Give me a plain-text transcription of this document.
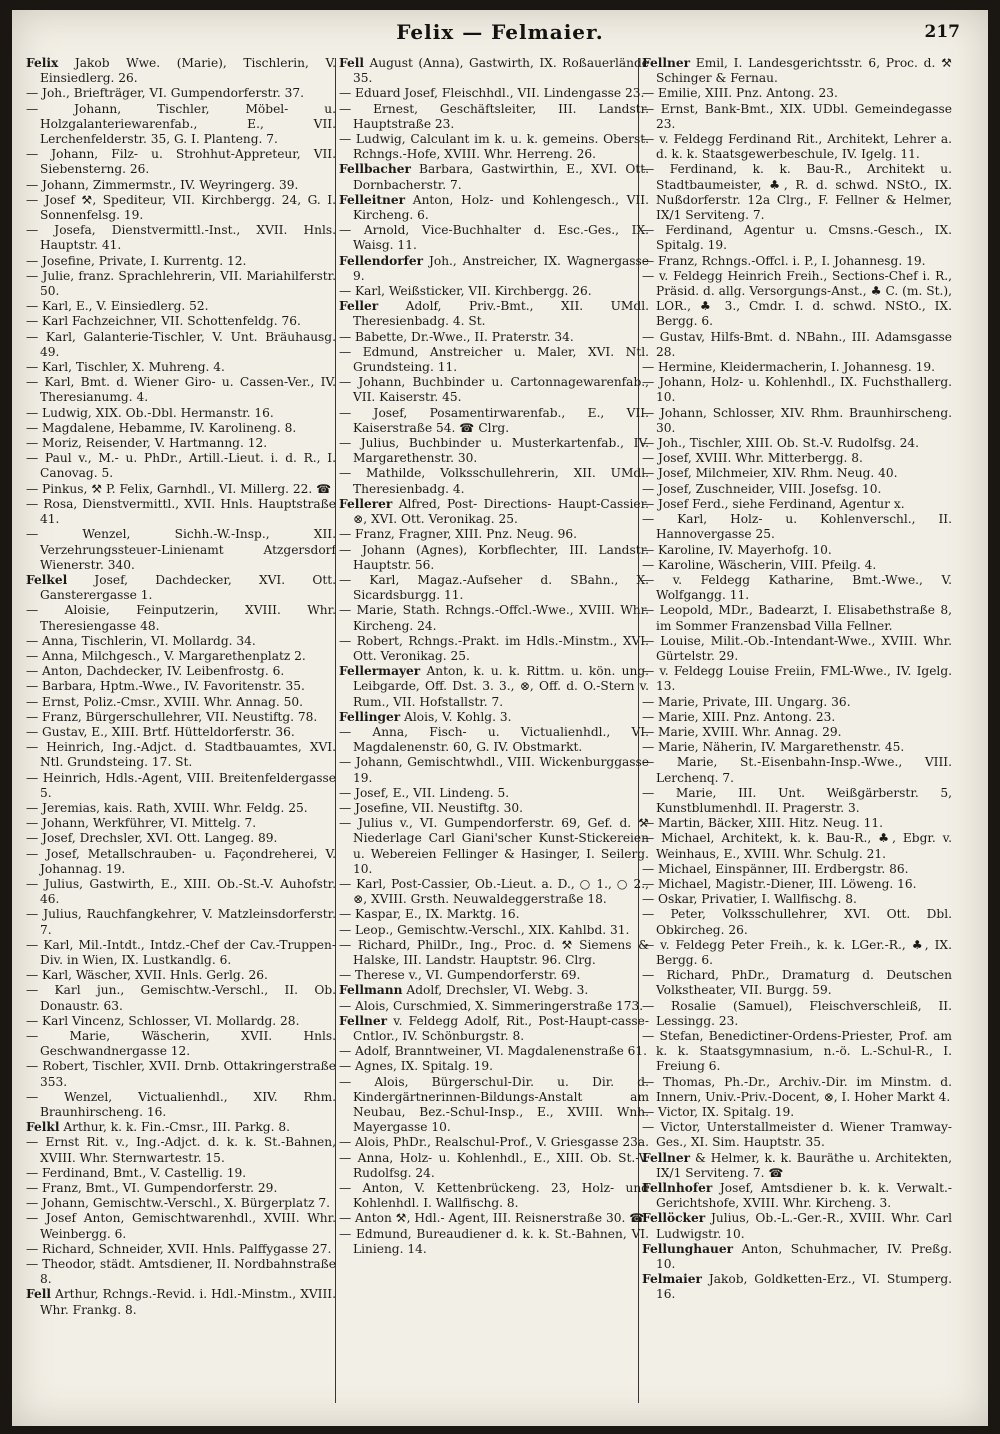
Felix — Felmaier.	217

Felix Jakob Wwe. (Marie), Tischlerin, V. Einsiedlerg. 26.

— Joh., Briefträger, VI. Gumpendorferstr. 37.

— Johann, Tischler, Möbel- u. Holzgalanteriewarenfab., E., VII. Lerchenfelderstr. 35, G. I. Planteng. 7.

— Johann, Filz- u. Strohhut-Appreteur, VII. Siebensterng. 26.

— Johann, Zimmermstr., IV. Weyringerg. 39.

— Josef ⚒, Spediteur, VII. Kirchbergg. 24, G. I. Sonnenfelsg. 19.

— Josefa, Dienstvermittl.-Inst., XVII. Hnls. Hauptstr. 41.

— Josefine, Private, I. Kurrentg. 12.

— Julie, franz. Sprachlehrerin, VII. Mariahilferstr. 50.

— Karl, E., V. Einsiedlerg. 52.

— Karl Fachzeichner, VII. Schottenfeldg. 76.

— Karl, Galanterie-Tischler, V. Unt. Bräuhausg. 49.

— Karl, Tischler, X. Muhreng. 4.

— Karl, Bmt. d. Wiener Giro- u. Cassen-Ver., IV. Theresianumg. 4.

— Ludwig, XIX. Ob.-Dbl. Hermanstr. 16.

— Magdalene, Hebamme, IV. Karolineng. 8.

— Moriz, Reisender, V. Hartmanng. 12.

— Paul v., M.- u. PhDr., Artill.-Lieut. i. d. R., I. Canovag. 5.

— Pinkus, ⚒ P. Felix, Garnhdl., VI. Millerg. 22. ☎

— Rosa, Dienstvermittl., XVII. Hnls. Hauptstraße 41.

— Wenzel, Sichh.-W.-Insp., XII. Verzehrungssteuer-Linienamt Atzgersdorf Wienerstr. 340.

Felkel Josef, Dachdecker, XVI. Ott. Gansterergasse 1.

— Aloisie, Feinputzerin, XVIII. Whr. Theresiengasse 48.

— Anna, Tischlerin, VI. Mollardg. 34.

— Anna, Milchgesch., V. Margarethenplatz 2.

— Anton, Dachdecker, IV. Leibenfrostg. 6.

— Barbara, Hptm.-Wwe., IV. Favoritenstr. 35.

— Ernst, Poliz.-Cmsr., XVIII. Whr. Annag. 50.

— Franz, Bürgerschullehrer, VII. Neustiftg. 78.

— Gustav, E., XIII. Brtf. Hütteldorferstr. 36.

— Heinrich, Ing.-Adjct. d. Stadtbauamtes, XVI. Ntl. Grundsteing. 17. St.

— Heinrich, Hdls.-Agent, VIII. Breitenfeldergasse 5.

— Jeremias, kais. Rath, XVIII. Whr. Feldg. 25.

— Johann, Werkführer, VI. Mittelg. 7.

— Josef, Drechsler, XVI. Ott. Langeg. 89.

— Josef, Metallschrauben- u. Façondreherei, V. Johannag. 19.

— Julius, Gastwirth, E., XIII. Ob.-St.-V. Auhofstr. 46.

— Julius, Rauchfangkehrer, V. Matzleinsdorferstr. 7.

— Karl, Mil.-Intdt., Intdz.-Chef der Cav.-Truppen-Div. in Wien, IX. Lustkandlg. 6.

— Karl, Wäscher, XVII. Hnls. Gerlg. 26.

— Karl jun., Gemischtw.-Verschl., II. Ob. Donaustr. 63.

— Karl Vincenz, Schlosser, VI. Mollardg. 28.

— Marie, Wäscherin, XVII. Hnls. Geschwandnergasse 12.

— Robert, Tischler, XVII. Drnb. Ottakringerstraße 353.

— Wenzel, Victualienhdl., XIV. Rhm. Braunhirscheng. 16.

Felkl Arthur, k. k. Fin.-Cmsr., III. Parkg. 8.

— Ernst Rit. v., Ing.-Adjct. d. k. k. St.-Bahnen, XVIII. Whr. Sternwartestr. 15.

— Ferdinand, Bmt., V. Castellig. 19.

— Franz, Bmt., VI. Gumpendorferstr. 29.

— Johann, Gemischtw.-Verschl., X. Bürgerplatz 7.

— Josef Anton, Gemischtwarenhdl., XVIII. Whr. Weinbergg. 6.

— Richard, Schneider, XVII. Hnls. Palffygasse 27.

— Theodor, städt. Amtsdiener, II. Nordbahnstraße 8.

Fell Arthur, Rchngs.-Revid. i. Hdl.-Minstm., XVIII. Whr. Frankg. 8.

Fell August (Anna), Gastwirth, IX. Roßauerlände 35.

— Eduard Josef, Fleischhdl., VII. Lindengasse 23.

— Ernest, Geschäftsleiter, III. Landstr. Hauptstraße 23.

— Ludwig, Calculant im k. u. k. gemeins. Oberst. Rchngs.-Hofe, XVIII. Whr. Herreng. 26.

Fellbacher Barbara, Gastwirthin, E., XVI. Ott. Dornbacherstr. 7.

Felleitner Anton, Holz- und Kohlengesch., VII. Kircheng. 6.

— Arnold, Vice-Buchhalter d. Esc.-Ges., IX. Waisg. 11.

Fellendorfer Joh., Anstreicher, IX. Wagnergasse 9.

— Karl, Weißsticker, VII. Kirchbergg. 26.

Feller Adolf, Priv.-Bmt., XII. UMdl. Theresienbadg. 4. St.

— Babette, Dr.-Wwe., II. Praterstr. 34.

— Edmund, Anstreicher u. Maler, XVI. Ntl. Grundsteing. 11.

— Johann, Buchbinder u. Cartonnagewarenfab., VII. Kaiserstr. 45.

— Josef, Posamentirwarenfab., E., VII. Kaiserstraße 54. ☎ Clrg.

— Julius, Buchbinder u. Musterkartenfab., IV. Margarethenstr. 30.

— Mathilde, Volksschullehrerin, XII. UMdl. Theresienbadg. 4.

Fellerer Alfred, Post- Directions- Haupt-Cassier. ⊗, XVI. Ott. Veronikag. 25.

— Franz, Fragner, XIII. Pnz. Neug. 96.

— Johann (Agnes), Korbflechter, III. Landstr. Hauptstr. 56.

— Karl, Magaz.-Aufseher d. SBahn., X. Sicardsburgg. 11.

— Marie, Stath. Rchngs.-Offcl.-Wwe., XVIII. Whr. Kircheng. 24.

— Robert, Rchngs.-Prakt. im Hdls.-Minstm., XVI. Ott. Veronikag. 25.

Fellermayer Anton, k. u. k. Rittm. u. kön. ung. Leibgarde, Off. Dst. 3. 3., ⊗, Off. d. O.-Stern v. Rum., VII. Hofstallstr. 7.

Fellinger Alois, V. Kohlg. 3.

— Anna, Fisch- u. Victualienhdl., VI. Magdalenenstr. 60, G. IV. Obstmarkt.

— Johann, Gemischtwhdl., VIII. Wickenburggasse 19.

— Josef, E., VII. Lindeng. 5.

— Josefine, VII. Neustiftg. 30.

— Julius v., VI. Gumpendorferstr. 69, Gef. d. ⚒ Niederlage Carl Giani'scher Kunst-Stickereien u. Webereien Fellinger & Hasinger, I. Seilerg. 10.

— Karl, Post-Cassier, Ob.-Lieut. a. D., ○ 1., ○ 2., ⊗, XVIII. Grsth. Neuwaldeggerstraße 18.

— Kaspar, E., IX. Marktg. 16.

— Leop., Gemischtw.-Verschl., XIX. Kahlbd. 31.

— Richard, PhilDr., Ing., Proc. d. ⚒ Siemens & Halske, III. Landstr. Hauptstr. 96. Clrg.

— Therese v., VI. Gumpendorferstr. 69.

Fellmann Adolf, Drechsler, VI. Webg. 3.

— Alois, Curschmied, X. Simmeringerstraße 173.

Fellner v. Feldegg Adolf, Rit., Post-Haupt-casse-Cntlor., IV. Schönburgstr. 8.

— Adolf, Branntweiner, VI. Magdalenenstraße 61.

— Agnes, IX. Spitalg. 19.

— Alois, Bürgerschul-Dir. u. Dir. d. Kindergärtnerinnen-Bildungs-Anstalt am Neubau, Bez.-Schul-Insp., E., XVIII. Wnh. Mayergasse 10.

— Alois, PhDr., Realschul-Prof., V. Griesgasse 23a.

— Anna, Holz- u. Kohlenhdl., E., XIII. Ob. St.-V. Rudolfsg. 24.

— Anton, V. Kettenbrückeng. 23, Holz- und Kohlenhdl. I. Wallfischg. 8.

— Anton ⚒, Hdl.- Agent, III. Reisnerstraße 30. ☎

— Edmund, Bureaudiener d. k. k. St.-Bahnen, VI. Linieng. 14.

Fellner Emil, I. Landesgerichtsstr. 6, Proc. d. ⚒ Schinger & Fernau.

— Emilie, XIII. Pnz. Antong. 23.

— Ernst, Bank-Bmt., XIX. UDbl. Gemeindegasse 23.

— v. Feldegg Ferdinand Rit., Architekt, Lehrer a. d. k. k. Staatsgewerbeschule, IV. Igelg. 11.

— Ferdinand, k. k. Bau-R., Architekt u. Stadtbaumeister, ♣, R. d. schwd. NStO., IX. Nußdorferstr. 12a Clrg., F. Fellner & Helmer, IX/1 Serviteng. 7.

— Ferdinand, Agentur u. Cmsns.-Gesch., IX. Spitalg. 19.

— Franz, Rchngs.-Offcl. i. P., I. Johannesg. 19.

— v. Feldegg Heinrich Freih., Sections-Chef i. R., Präsid. d. allg. Versorgungs-Anst., ♣ C. (m. St.), LOR., ♣ 3., Cmdr. I. d. schwd. NStO., IX. Bergg. 6.

— Gustav, Hilfs-Bmt. d. NBahn., III. Adamsgasse 28.

— Hermine, Kleidermacherin, I. Johannesg. 19.

— Johann, Holz- u. Kohlenhdl., IX. Fuchsthallerg. 10.

— Johann, Schlosser, XIV. Rhm. Braunhirscheng. 30.

— Joh., Tischler, XIII. Ob. St.-V. Rudolfsg. 24.

— Josef, XVIII. Whr. Mitterbergg. 8.

— Josef, Milchmeier, XIV. Rhm. Neug. 40.

— Josef, Zuschneider, VIII. Josefsg. 10.

— Josef Ferd., siehe Ferdinand, Agentur x.

— Karl, Holz- u. Kohlenverschl., II. Hannovergasse 25.

— Karoline, IV. Mayerhofg. 10.

— Karoline, Wäscherin, VIII. Pfeilg. 4.

— v. Feldegg Katharine, Bmt.-Wwe., V. Wolfgangg. 11.

— Leopold, MDr., Badearzt, I. Elisabethstraße 8, im Sommer Franzensbad Villa Fellner.

— Louise, Milit.-Ob.-Intendant-Wwe., XVIII. Whr. Gürtelstr. 29.

— v. Feldegg Louise Freiin, FML-Wwe., IV. Igelg. 13.

— Marie, Private, III. Ungarg. 36.

— Marie, XIII. Pnz. Antong. 23.

— Marie, XVIII. Whr. Annag. 29.

— Marie, Näherin, IV. Margarethenstr. 45.

— Marie, St.-Eisenbahn-Insp.-Wwe., VIII. Lerchenq. 7.

— Marie, III. Unt. Weißgärberstr. 5, Kunstblumenhdl. II. Pragerstr. 3.

— Martin, Bäcker, XIII. Hitz. Neug. 11.

— Michael, Architekt, k. k. Bau-R., ♣, Ebgr. v. Weinhaus, E., XVIII. Whr. Schulg. 21.

— Michael, Einspänner, III. Erdbergstr. 86.

— Michael, Magistr.-Diener, III. Löweng. 16.

— Oskar, Privatier, I. Wallfischg. 8.

— Peter, Volksschullehrer, XVI. Ott. Dbl. Obkircheg. 26.

— v. Feldegg Peter Freih., k. k. LGer.-R., ♣, IX. Bergg. 6.

— Richard, PhDr., Dramaturg d. Deutschen Volkstheater, VII. Burgg. 59.

— Rosalie (Samuel), Fleischverschleiß, II. Lessingg. 23.

— Stefan, Benedictiner-Ordens-Priester, Prof. am k. k. Staatsgymnasium, n.-ö. L.-Schul-R., I. Freiung 6.

— Thomas, Ph.-Dr., Archiv.-Dir. im Minstm. d. Innern, Univ.-Priv.-Docent, ⊗, I. Hoher Markt 4.

— Victor, IX. Spitalg. 19.

— Victor, Unterstallmeister d. Wiener Tramway-Ges., XI. Sim. Hauptstr. 35.

Fellner & Helmer, k. k. Bauräthe u. Architekten, IX/1 Serviteng. 7. ☎

Fellnhofer Josef, Amtsdiener b. k. k. Verwalt.-Gerichtshofe, XVIII. Whr. Kircheng. 3.

Fellöcker Julius, Ob.-L.-Ger.-R., XVIII. Whr. Carl Ludwigstr. 10.

Fellunghauer Anton, Schuhmacher, IV. Preßg. 10.

Felmaier Jakob, Goldketten-Erz., VI. Stumperg. 16.
